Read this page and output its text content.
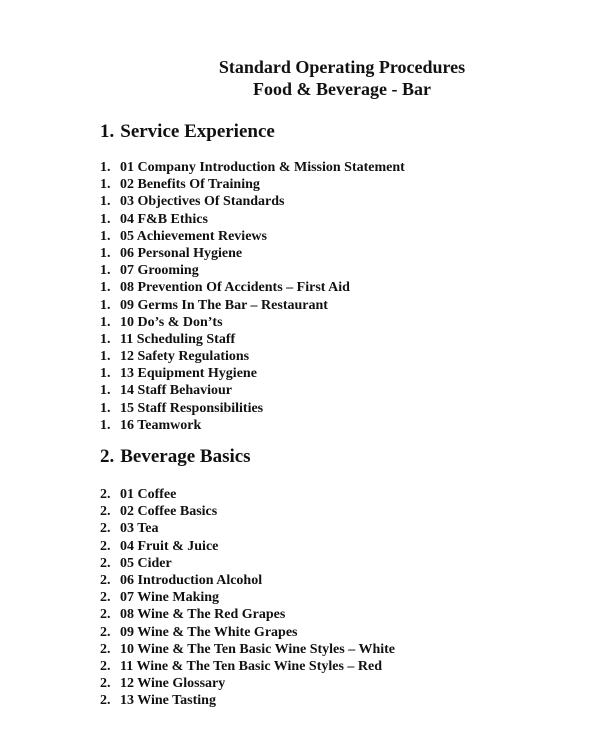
Standard Operating Procedures
Food & Beverage - Bar
1. Service Experience
1. 01 Company Introduction & Mission Statement
1. 02 Benefits Of Training
1. 03 Objectives Of Standards
1. 04 F&B Ethics
1. 05 Achievement Reviews
1. 06 Personal Hygiene
1. 07 Grooming
1. 08 Prevention Of Accidents – First Aid
1. 09 Germs In The Bar – Restaurant
1. 10 Do’s & Don’ts
1. 11 Scheduling Staff
1. 12 Safety Regulations
1. 13 Equipment Hygiene
1. 14 Staff Behaviour
1. 15 Staff Responsibilities
1. 16 Teamwork
2. Beverage Basics
2. 01 Coffee
2. 02 Coffee Basics
2. 03 Tea
2. 04 Fruit & Juice
2. 05 Cider
2. 06 Introduction Alcohol
2. 07 Wine Making
2. 08 Wine & The Red Grapes
2. 09 Wine & The White Grapes
2. 10 Wine & The Ten Basic Wine Styles – White
2. 11 Wine & The Ten Basic Wine Styles – Red
2. 12 Wine Glossary
2. 13 Wine Tasting
